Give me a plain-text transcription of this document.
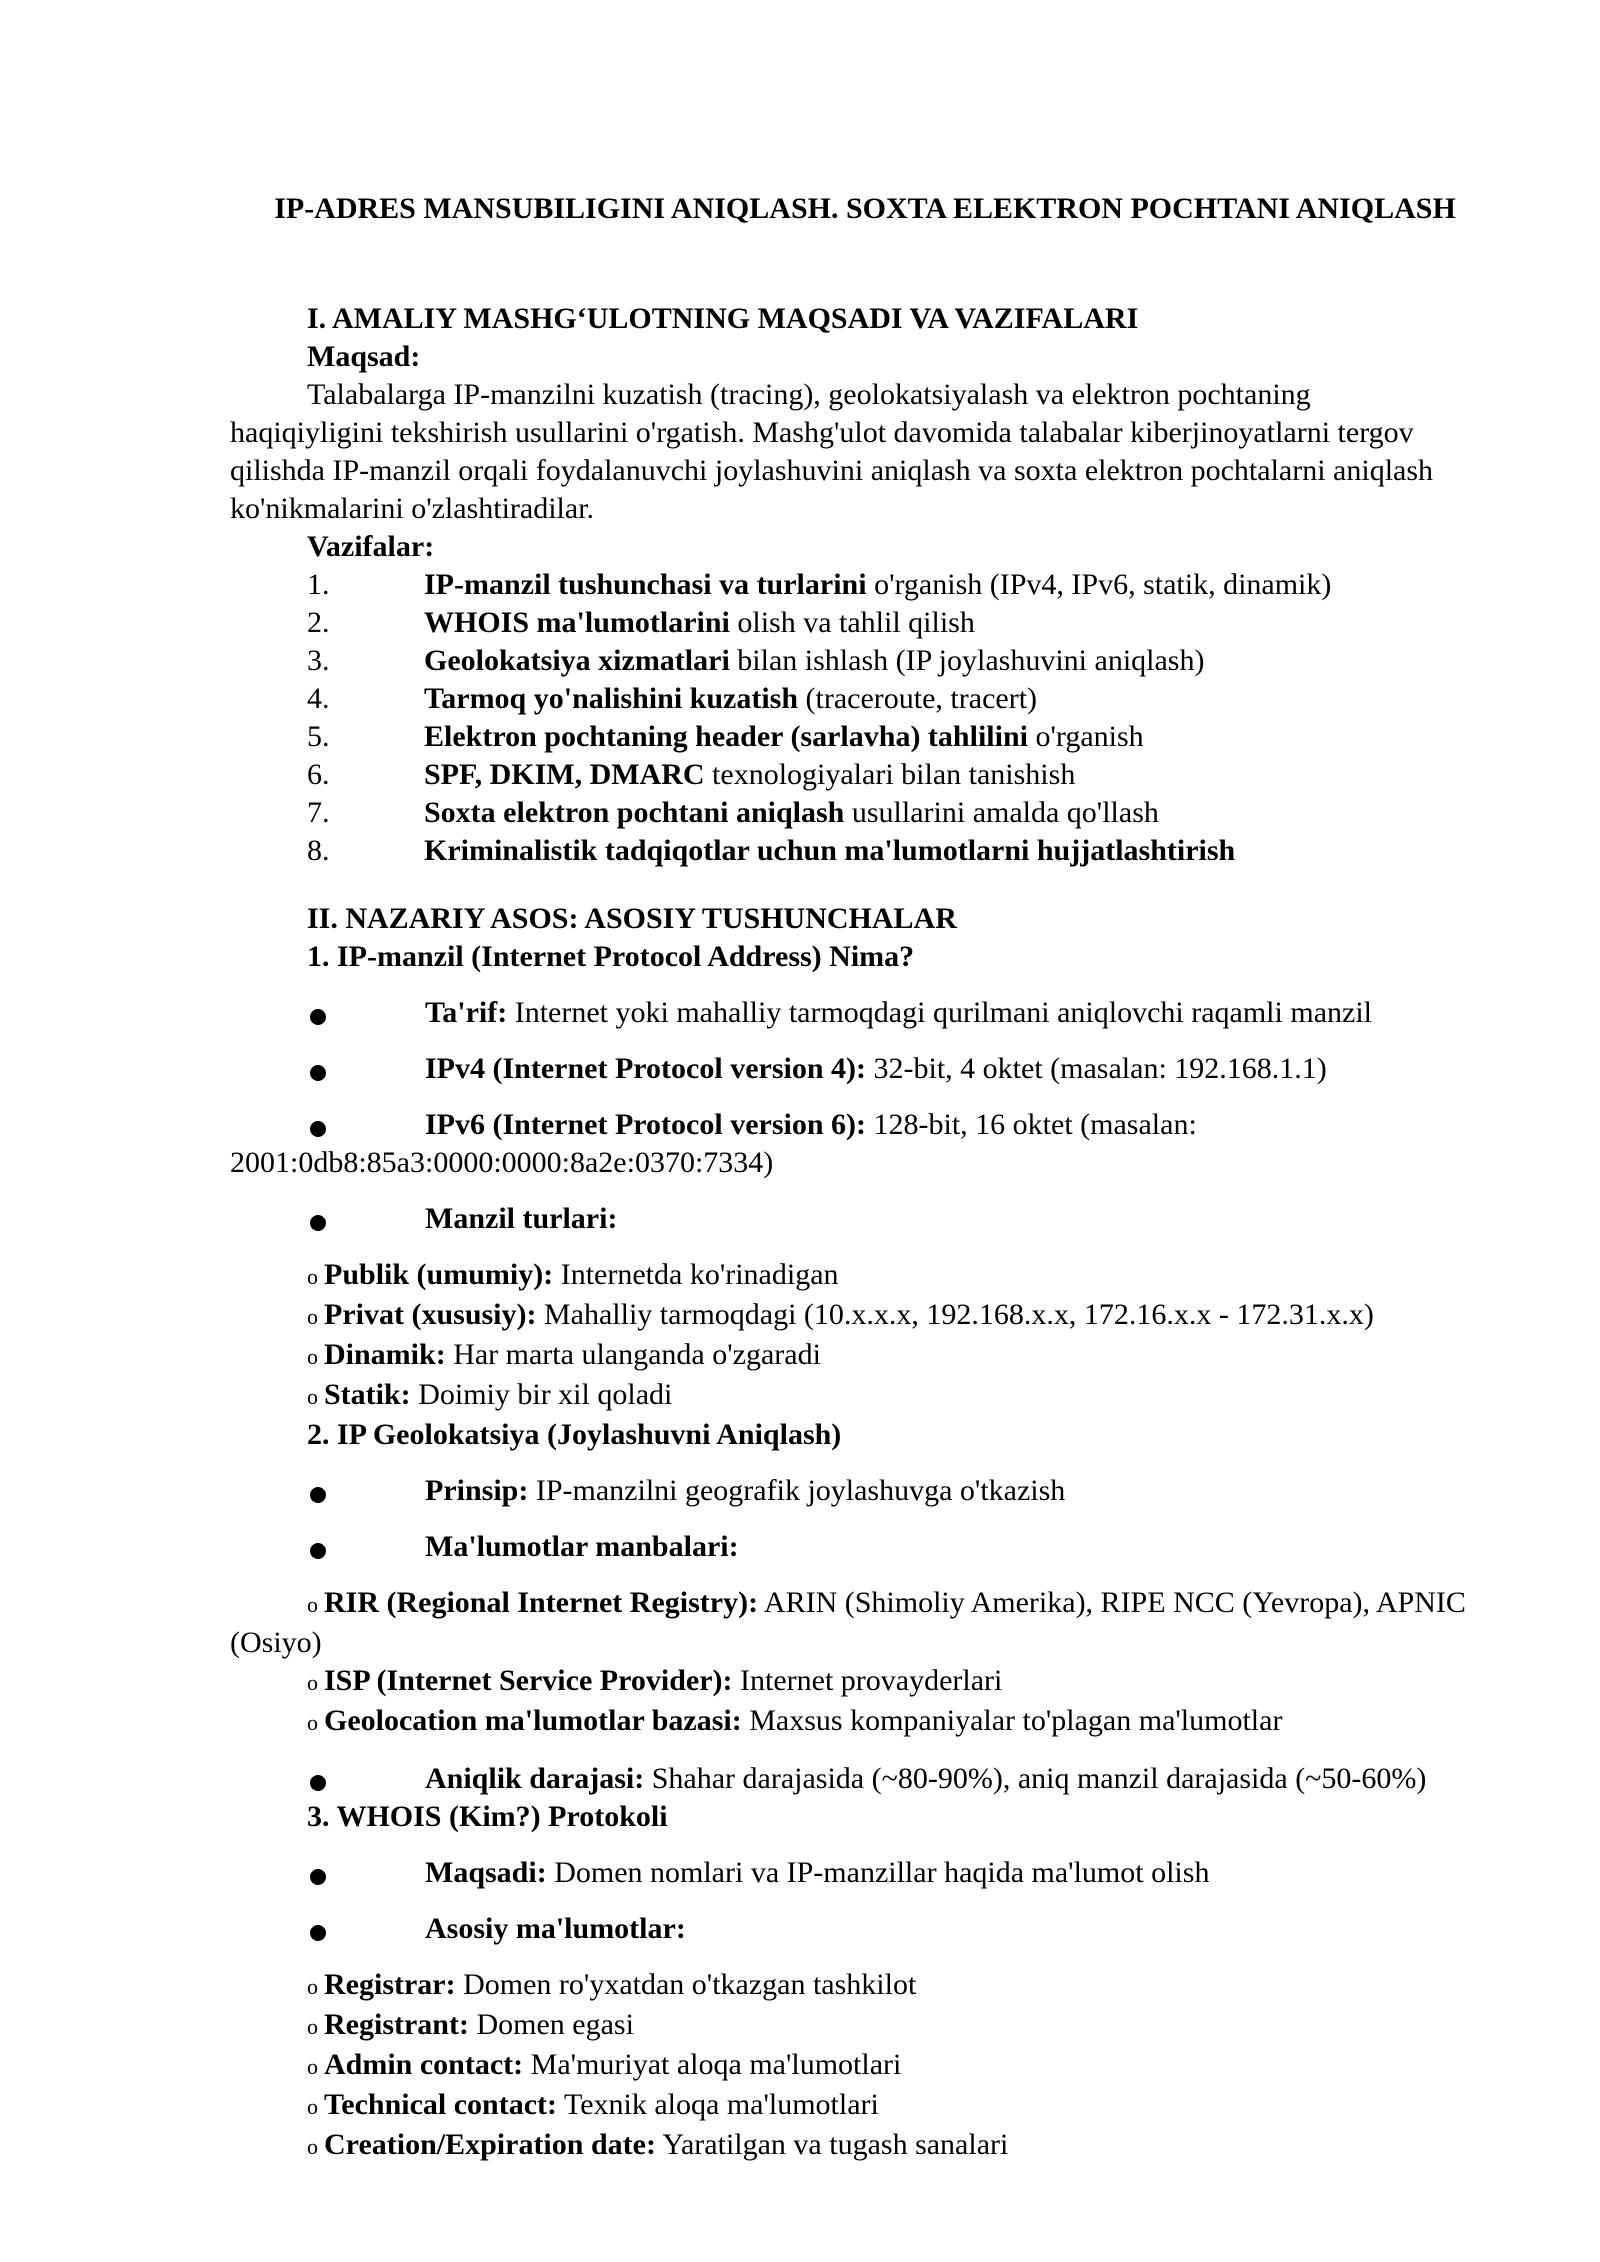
IP-ADRES MANSUBILIGINI ANIQLASH. SOXTA ELEKTRON POCHTANI ANIQLASH
I. AMALIY MASHG‘ULOTNING MAQSADI VA VAZIFALARI
Maqsad:
Talabalarga IP-manzilni kuzatish (tracing), geolokatsiyalash va elektron pochtaning haqiqiyligini tekshirish usullarini o'rgatish. Mashg'ulot davomida talabalar kiberjinoyatlarni tergov qilishda IP-manzil orqali foydalanuvchi joylashuvini aniqlash va soxta elektron pochtalarni aniqlash ko'nikmalarini o'zlashtiradilar.
Vazifalar:
1.	IP-manzil tushunchasi va turlarini o'rganish (IPv4, IPv6, statik, dinamik)
2.	WHOIS ma'lumotlarini olish va tahlil qilish
3.	Geolokatsiya xizmatlari bilan ishlash (IP joylashuvini aniqlash)
4.	Tarmoq yo'nalishini kuzatish (traceroute, tracert)
5.	Elektron pochtaning header (sarlavha) tahlilini o'rganish
6.	SPF, DKIM, DMARC texnologiyalari bilan tanishish
7.	Soxta elektron pochtani aniqlash usullarini amalda qo'llash
8.	Kriminalistik tadqiqotlar uchun ma'lumotlarni hujjatlashtirish
II. NAZARIY ASOS: ASOSIY TUSHUNCHALAR
1. IP-manzil (Internet Protocol Address) Nima?
Ta'rif: Internet yoki mahalliy tarmoqdagi qurilmani aniqlovchi raqamli manzil
IPv4 (Internet Protocol version 4): 32-bit, 4 oktet (masalan: 192.168.1.1)
IPv6 (Internet Protocol version 6): 128-bit, 16 oktet (masalan: 2001:0db8:85a3:0000:0000:8a2e:0370:7334)
Manzil turlari:
o Publik (umumiy): Internetda ko'rinadigan
o Privat (xususiy): Mahalliy tarmoqdagi (10.x.x.x, 192.168.x.x, 172.16.x.x - 172.31.x.x)
o Dinamik: Har marta ulanganda o'zgaradi
o Statik: Doimiy bir xil qoladi
2. IP Geolokatsiya (Joylashuvni Aniqlash)
Prinsip: IP-manzilni geografik joylashuvga o'tkazish
Ma'lumotlar manbalari:
o RIR (Regional Internet Registry): ARIN (Shimoliy Amerika), RIPE NCC (Yevropa), APNIC (Osiyo)
o ISP (Internet Service Provider): Internet provayderlari
o Geolocation ma'lumotlar bazasi: Maxsus kompaniyalar to'plagan ma'lumotlar
Aniqlik darajasi: Shahar darajasida (~80-90%), aniq manzil darajasida (~50-60%)
3. WHOIS (Kim?) Protokoli
Maqsadi: Domen nomlari va IP-manzillar haqida ma'lumot olish
Asosiy ma'lumotlar:
o Registrar: Domen ro'yxatdan o'tkazgan tashkilot
o Registrant: Domen egasi
o Admin contact: Ma'muriyat aloqa ma'lumotlari
o Technical contact: Texnik aloqa ma'lumotlari
o Creation/Expiration date: Yaratilgan va tugash sanalari
